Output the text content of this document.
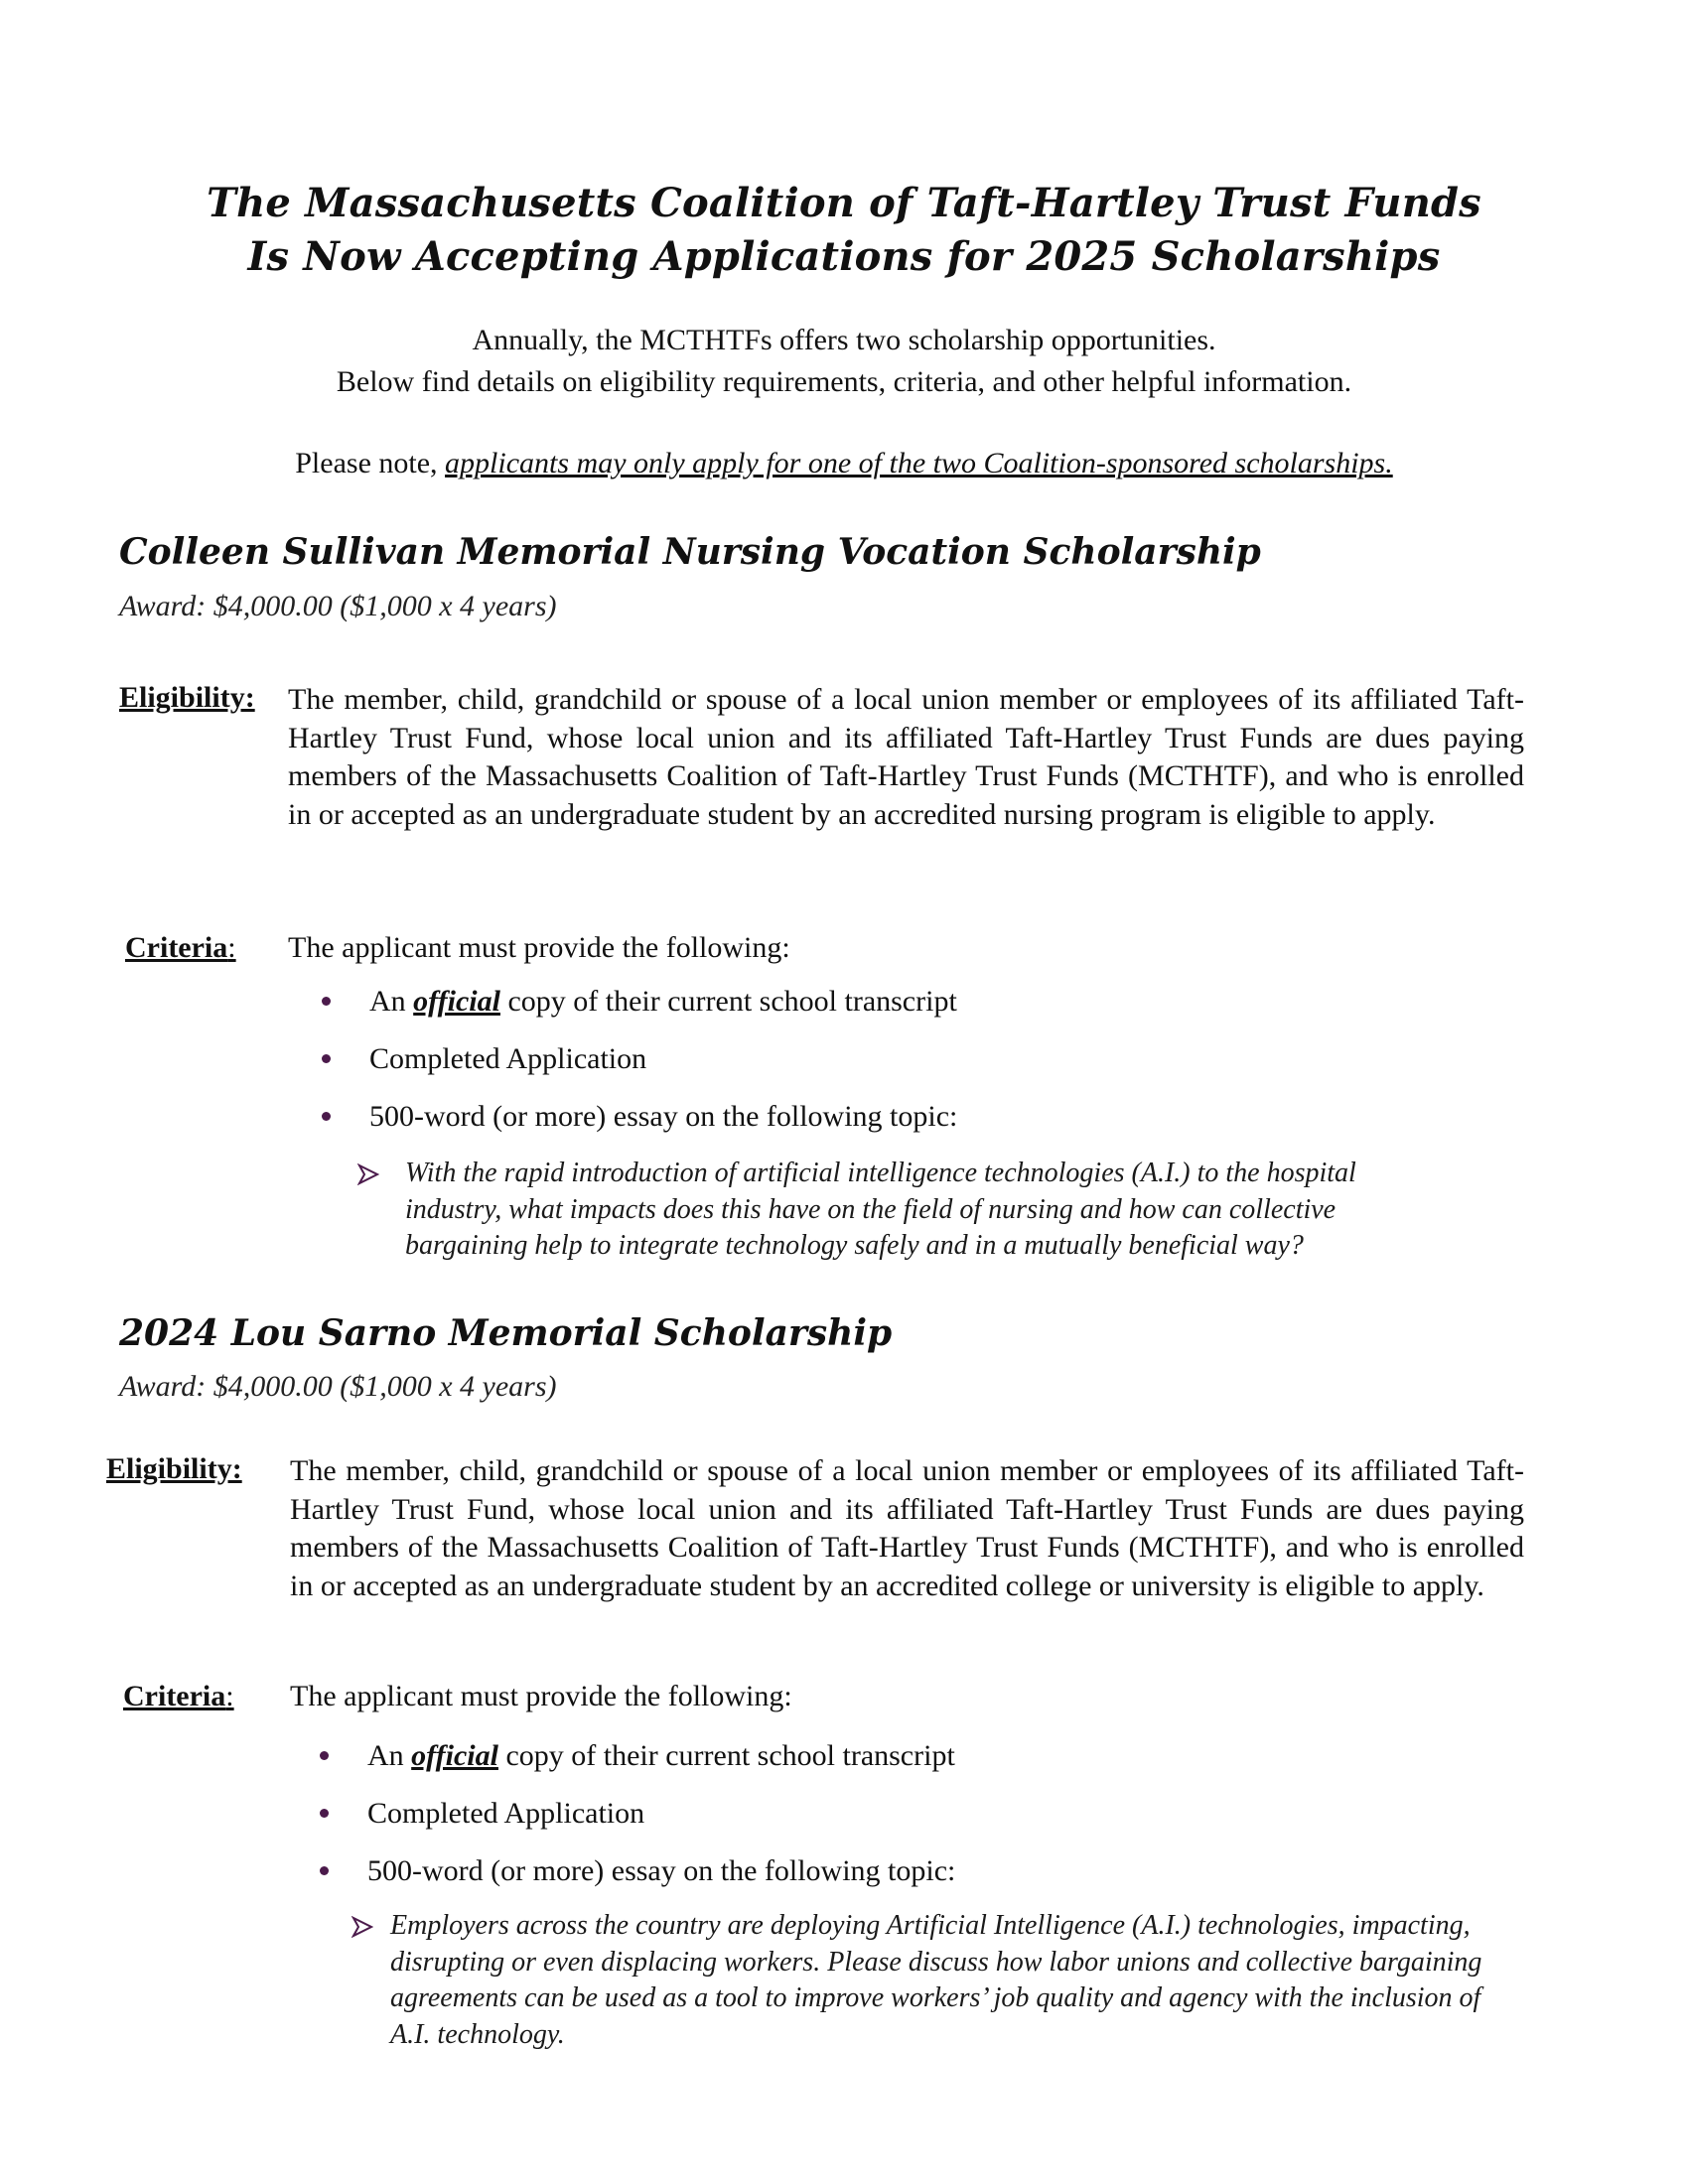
The Massachusetts Coalition of Taft-Hartley Trust Funds
Is Now Accepting Applications for 2025 Scholarships
Annually, the MCTHTFs offers two scholarship opportunities.
Below find details on eligibility requirements, criteria, and other helpful information.
Please note, applicants may only apply for one of the two Coalition-sponsored scholarships.
Colleen Sullivan Memorial Nursing Vocation Scholarship
Award: $4,000.00 ($1,000 x 4 years)
Eligibility: The member, child, grandchild or spouse of a local union member or employees of its affiliated Taft-Hartley Trust Fund, whose local union and its affiliated Taft-Hartley Trust Funds are dues paying members of the Massachusetts Coalition of Taft-Hartley Trust Funds (MCTHTF), and who is enrolled in or accepted as an undergraduate student by an accredited nursing program is eligible to apply.
Criteria: The applicant must provide the following:
An official copy of their current school transcript
Completed Application
500-word (or more) essay on the following topic:
With the rapid introduction of artificial intelligence technologies (A.I.) to the hospital industry, what impacts does this have on the field of nursing and how can collective bargaining help to integrate technology safely and in a mutually beneficial way?
2024 Lou Sarno Memorial Scholarship
Award: $4,000.00 ($1,000 x 4 years)
Eligibility: The member, child, grandchild or spouse of a local union member or employees of its affiliated Taft-Hartley Trust Fund, whose local union and its affiliated Taft-Hartley Trust Funds are dues paying members of the Massachusetts Coalition of Taft-Hartley Trust Funds (MCTHTF), and who is enrolled in or accepted as an undergraduate student by an accredited college or university is eligible to apply.
Criteria: The applicant must provide the following:
An official copy of their current school transcript
Completed Application
500-word (or more) essay on the following topic:
Employers across the country are deploying Artificial Intelligence (A.I.) technologies, impacting, disrupting or even displacing workers. Please discuss how labor unions and collective bargaining agreements can be used as a tool to improve workers’ job quality and agency with the inclusion of A.I. technology.
